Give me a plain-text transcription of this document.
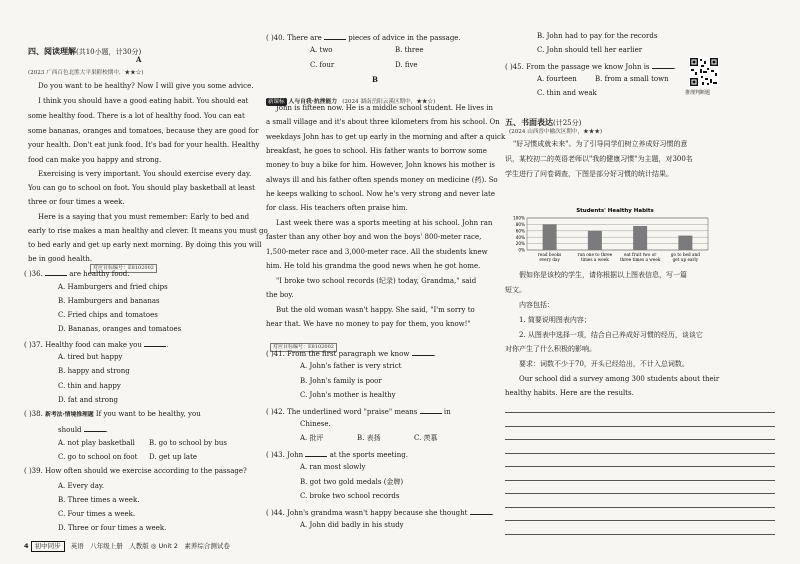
四、阅读理解(共10小题，计30分)
A
(2023 广西百色北胜大平果附校期中，★★☆)
Do you want to be healthy? Now I will give you some advice.
I think you should have a good eating habit. You should eat
some healthy food. There is a lot of healthy food. You can eat
some bananas, oranges and tomatoes, because they are good for
your health. Don't eat junk food. It's bad for your health. Healthy
food can make you happy and strong.
Exercising is very important. You should exercise every day.
You can go to school on foot. You should play basketball at least
three or four times a week.
Here is a saying that you must remember: Early to bed and
early to rise makes a man healthy and clever. It means you must go
to bed early and get up early next morning. By doing this you will
be in good health.
对应目标编号：E8102002
( )36.	are healthy food.
A. Hamburgers and fried chips
B. Hamburgers and bananas
C. Fried chips and tomatoes
D. Bananas, oranges and tomatoes
( )37. Healthy food can make you	.
A. tired but happy
B. happy and strong
C. thin and happy
D. fat and strong
( )38. 新考法·情境推理题 If you want to be healthy, you
should	.
A. not play basketball B. go to school by bus
C. go to school on foot D. get up late
( )39. How often should we exercise according to the passage?
A. Every day.
B. Three times a week.
C. Four times a week.
D. Three or four times a week.
( )40. There are	pieces of advice in the passage.
A. two	B. three
C. four	D. five
B
新课标 人与自我·抗挫能力 (2024 湖南岳阳云溪区期中，★★☆)
John is fifteen now. He is a middle school student. He lives in
a small village and it's about three kilometers from his school. On
weekdays John has to get up early in the morning and after a quick
breakfast, he goes to school. His father wants to borrow some
money to buy a bike for him. However, John knows his mother is
always ill and his father often spends money on medicine (药). So
he keeps walking to school. Now he's very strong and never late
for class. His teachers often praise him.
Last week there was a sports meeting at his school. John ran
faster than any other boy and won the boys' 800-meter race,
1,500-meter race and 3,000-meter race. All the students knew
him. He told his grandma the good news when he got home.
"I broke two school records (纪录) today, Grandma," said
the boy.
But the old woman wasn't happy. She said, "I'm sorry to
hear that. We have no money to pay for them, you know!"
对应目标编号：E8102002
( )41. From the first paragraph we know	.
A. John's father is very strict
B. John's family is poor
C. John's mother is healthy
( )42. The underlined word "praise" means	in
Chinese.
A. 批评	B. 表扬	C. 羡慕
( )43. John	at the sports meeting.
A. ran most slowly
B. got two gold medals (金牌)
C. broke two school records
( )44. John's grandma wasn't happy because she thought	.
A. John did badly in his study
B. John had to pay for the records
C. John should tell her earlier
( )45. From the passage we know John is	.
A. fourteen	B. from a small town
C. thin and weak
五、书面表达(计25分)
(2024 山西晋中榆次区期中，★★★)
"好习惯成就未来"。为了引导同学们树立养成好习惯的意
识，某校初二的英语老师以"我的健康习惯"为主题，对300名
学生进行了问卷调查，下图是部分好习惯的统计结果。
假如你是该校的学生，请你根据以上图表信息，写一篇
短文。
内容包括：
1. 简要说明图表内容；
2. 从图表中选择一项，结合自己养成好习惯的经历，谈谈它
对你产生了什么积极的影响。
要求：词数不少于70，开头已经给出，不计入总词数。
Our school did a survey among 300 students about their
healthy habits. Here are the results.
推理判断题
Students' Healthy Habits
0%
20%
40%
60%
80%
100%
read books every day
run one to three times a week
eat fruit two or three times a week
go to bed and get up early
4 初中同步 英语　八年级上册　人教版 ◎ Unit 2　素养综合测试卷
